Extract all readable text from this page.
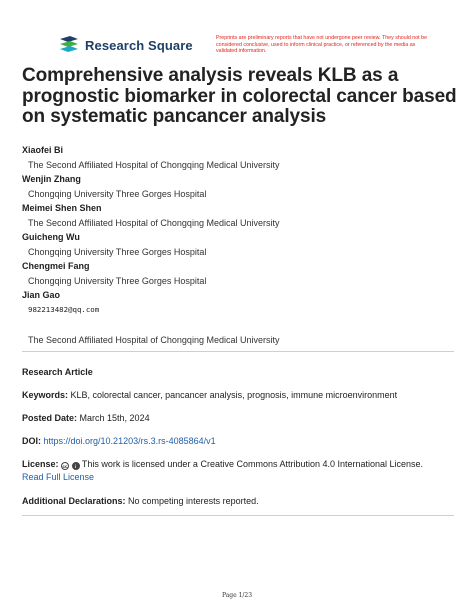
Research Square	Preprints are preliminary reports that have not undergone peer review. They should not be considered conclusive, used to inform clinical practice, or referenced by the media as validated information.
Comprehensive analysis reveals KLB as a prognostic biomarker in colorectal cancer based on systematic pancancer analysis
Xiaofei Bi
The Second Affiliated Hospital of Chongqing Medical University
Wenjin Zhang
Chongqing University Three Gorges Hospital
Meimei Shen Shen
The Second Affiliated Hospital of Chongqing Medical University
Guicheng Wu
Chongqing University Three Gorges Hospital
Chengmei Fang
Chongqing University Three Gorges Hospital
Jian Gao
982213482@qq.com
The Second Affiliated Hospital of Chongqing Medical University
Research Article
Keywords: KLB, colorectal cancer, pancancer analysis, prognosis, immune microenvironment
Posted Date: March 15th, 2024
DOI: https://doi.org/10.21203/rs.3.rs-4085864/v1
License: cc i This work is licensed under a Creative Commons Attribution 4.0 International License.
Read Full License
Additional Declarations: No competing interests reported.
Page 1/23
